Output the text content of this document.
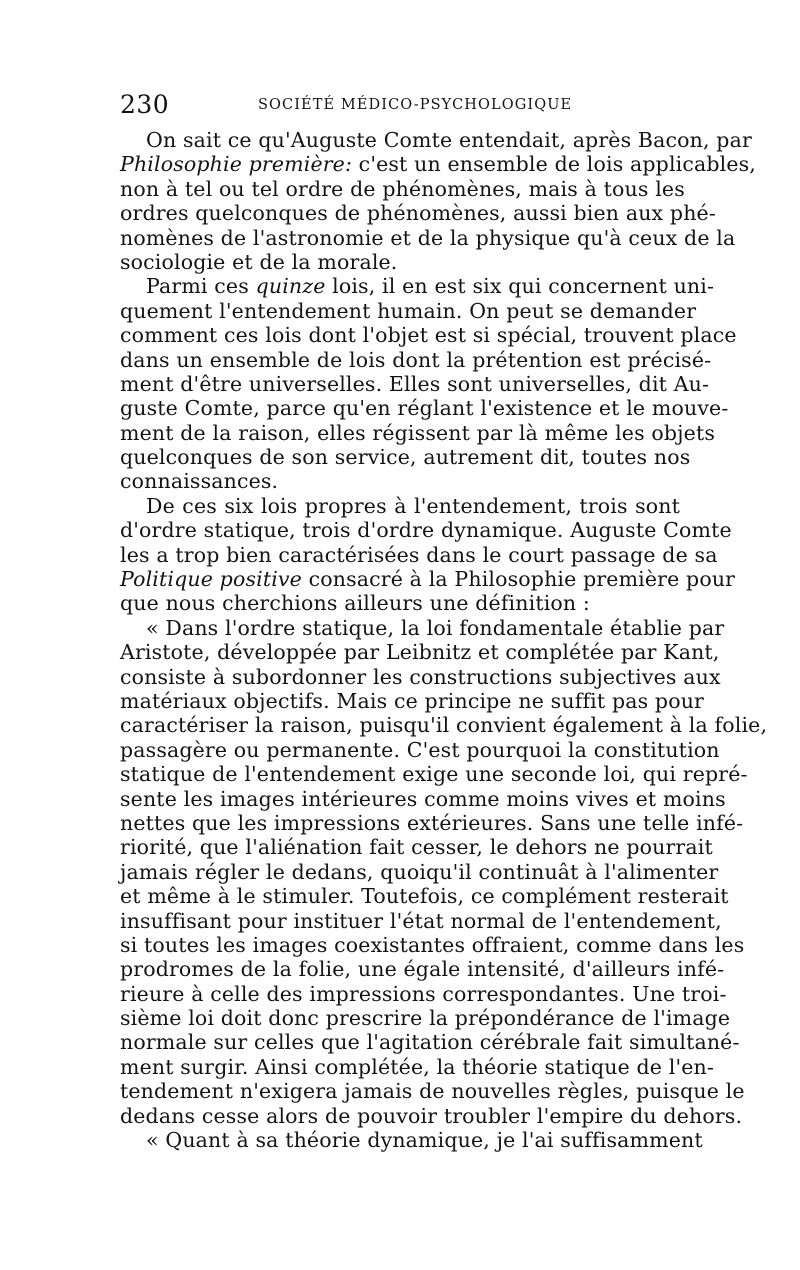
230	SOCIÉTÉ MÉDICO-PSYCHOLOGIQUE
On sait ce qu'Auguste Comte entendait, après Bacon, par
Philosophie première: c'est un ensemble de lois applicables,
non à tel ou tel ordre de phénomènes, mais à tous les
ordres quelconques de phénomènes, aussi bien aux phé-
nomènes de l'astronomie et de la physique qu'à ceux de la
sociologie et de la morale.
Parmi ces quinze lois, il en est six qui concernent uni-
quement l'entendement humain. On peut se demander
comment ces lois dont l'objet est si spécial, trouvent place
dans un ensemble de lois dont la prétention est précisé-
ment d'être universelles. Elles sont universelles, dit Au-
guste Comte, parce qu'en réglant l'existence et le mouve-
ment de la raison, elles régissent par là même les objets
quelconques de son service, autrement dit, toutes nos
connaissances.
De ces six lois propres à l'entendement, trois sont
d'ordre statique, trois d'ordre dynamique. Auguste Comte
les a trop bien caractérisées dans le court passage de sa
Politique positive consacré à la Philosophie première pour
que nous cherchions ailleurs une définition :
« Dans l'ordre statique, la loi fondamentale établie par
Aristote, développée par Leibnitz et complétée par Kant,
consiste à subordonner les constructions subjectives aux
matériaux objectifs. Mais ce principe ne suffit pas pour
caractériser la raison, puisqu'il convient également à la folie,
passagère ou permanente. C'est pourquoi la constitution
statique de l'entendement exige une seconde loi, qui repré-
sente les images intérieures comme moins vives et moins
nettes que les impressions extérieures. Sans une telle infé-
riorité, que l'aliénation fait cesser, le dehors ne pourrait
jamais régler le dedans, quoiqu'il continuât à l'alimenter
et même à le stimuler. Toutefois, ce complément resterait
insuffisant pour instituer l'état normal de l'entendement,
si toutes les images coexistantes offraient, comme dans les
prodromes de la folie, une égale intensité, d'ailleurs infé-
rieure à celle des impressions correspondantes. Une troi-
sième loi doit donc prescrire la prépondérance de l'image
normale sur celles que l'agitation cérébrale fait simultané-
ment surgir. Ainsi complétée, la théorie statique de l'en-
tendement n'exigera jamais de nouvelles règles, puisque le
dedans cesse alors de pouvoir troubler l'empire du dehors.
« Quant à sa théorie dynamique, je l'ai suffisamment
